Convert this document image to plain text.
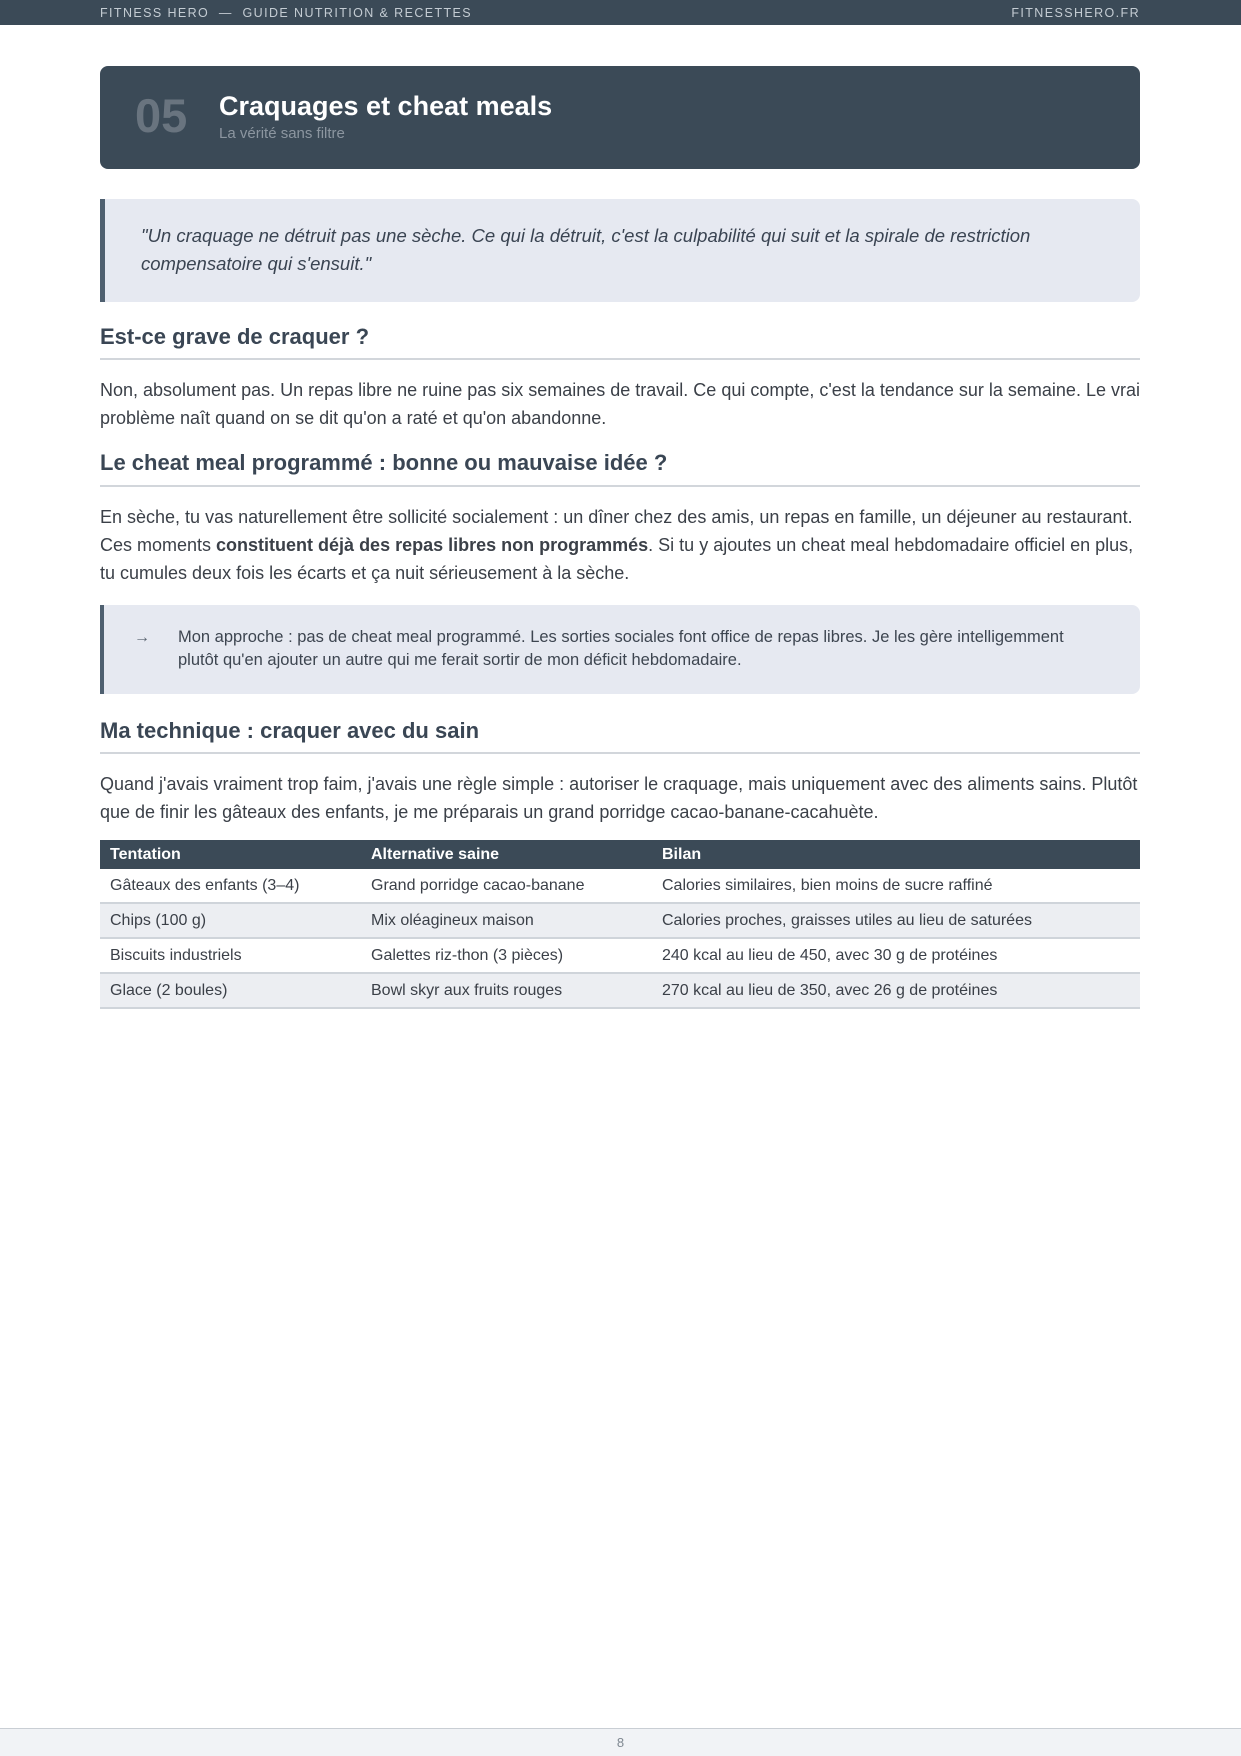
FITNESS HERO  —  GUIDE NUTRITION & RECETTES	FITNESSHERO.FR
05 Craquages et cheat meals
La vérité sans filtre
"Un craquage ne détruit pas une sèche. Ce qui la détruit, c'est la culpabilité qui suit et la spirale de restriction compensatoire qui s'ensuit."
Est-ce grave de craquer ?

Non, absolument pas. Un repas libre ne ruine pas six semaines de travail. Ce qui compte, c'est la tendance sur la semaine. Le vrai problème naît quand on se dit qu'on a raté et qu'on abandonne.

Le cheat meal programmé : bonne ou mauvaise idée ?

En sèche, tu vas naturellement être sollicité socialement : un dîner chez des amis, un repas en famille, un déjeuner au restaurant. Ces moments constituent déjà des repas libres non programmés. Si tu y ajoutes un cheat meal hebdomadaire officiel en plus, tu cumules deux fois les écarts et ça nuit sérieusement à la sèche.

→ Mon approche : pas de cheat meal programmé. Les sorties sociales font office de repas libres. Je les gère intelligemment plutôt qu'en ajouter un autre qui me ferait sortir de mon déficit hebdomadaire.
Ma technique : craquer avec du sain

Quand j'avais vraiment trop faim, j'avais une règle simple : autoriser le craquage, mais uniquement avec des aliments sains. Plutôt que de finir les gâteaux des enfants, je me préparais un grand porridge cacao-banane-cacahuète.

Tentation	Alternative saine	Bilan
Gâteaux des enfants (3–4)	Grand porridge cacao-banane	Calories similaires, bien moins de sucre raffiné
Chips (100 g)	Mix oléagineux maison	Calories proches, graisses utiles au lieu de saturées
Biscuits industriels	Galettes riz-thon (3 pièces)	240 kcal au lieu de 450, avec 30 g de protéines
Glace (2 boules)	Bowl skyr aux fruits rouges	270 kcal au lieu de 350, avec 26 g de protéines
8
